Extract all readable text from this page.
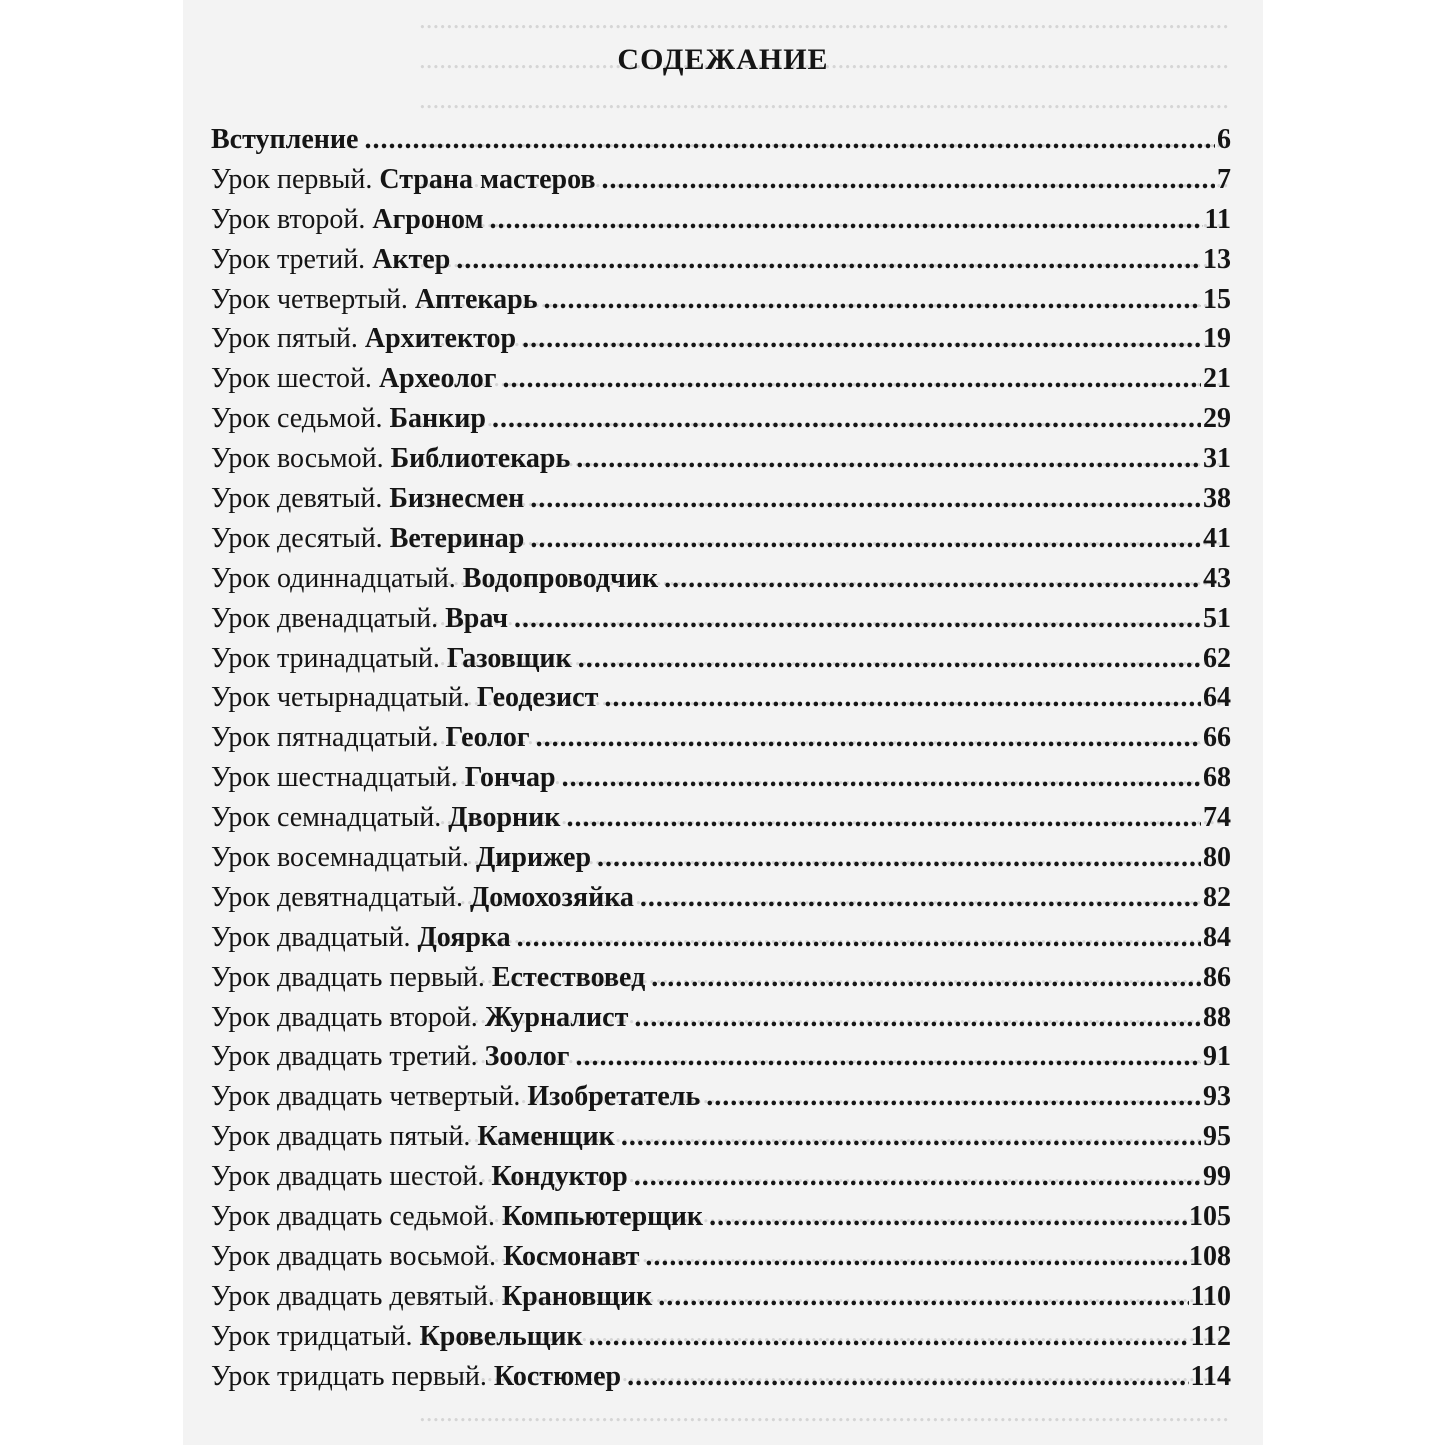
.....
.....
.....
.....
.....
.....
.....
.....
.....
.....
.....
.....
.....
.....
.....
.....
.....
.....
.....
.....
.....
.....
.....
.....
.....
.....
.....
.....
.....
.....
.....
.....
.....
.....
.....
.....
СОДЕЖАНИЕ
Вступление .....	6
Урок первый. Страна мастеров .....	7
Урок второй. Агроном .....	11
Урок третий. Актер .....	13
Урок четвертый. Аптекарь .....	15
Урок пятый. Архитектор .....	19
Урок шестой. Археолог .....	21
Урок седьмой. Банкир .....	29
Урок восьмой. Библиотекарь .....	31
Урок девятый. Бизнесмен .....	38
Урок десятый. Ветеринар .....	41
Урок одиннадцатый. Водопроводчик .....	43
Урок двенадцатый. Врач .....	51
Урок тринадцатый. Газовщик .....	62
Урок четырнадцатый. Геодезист .....	64
Урок пятнадцатый. Геолог .....	66
Урок шестнадцатый. Гончар .....	68
Урок семнадцатый. Дворник .....	74
Урок восемнадцатый. Дирижер .....	80
Урок девятнадцатый. Домохозяйка .....	82
Урок двадцатый. Доярка .....	84
Урок двадцать первый. Естествовед .....	86
Урок двадцать второй. Журналист .....	88
Урок двадцать третий. Зоолог .....	91
Урок двадцать четвертый. Изобретатель .....	93
Урок двадцать пятый. Каменщик .....	95
Урок двадцать шестой. Кондуктор .....	99
Урок двадцать седьмой. Компьютерщик .....	105
Урок двадцать восьмой. Космонавт .....	108
Урок двадцать девятый. Крановщик .....	110
Урок тридцатый. Кровельщик .....	112
Урок тридцать первый. Костюмер .....	114
